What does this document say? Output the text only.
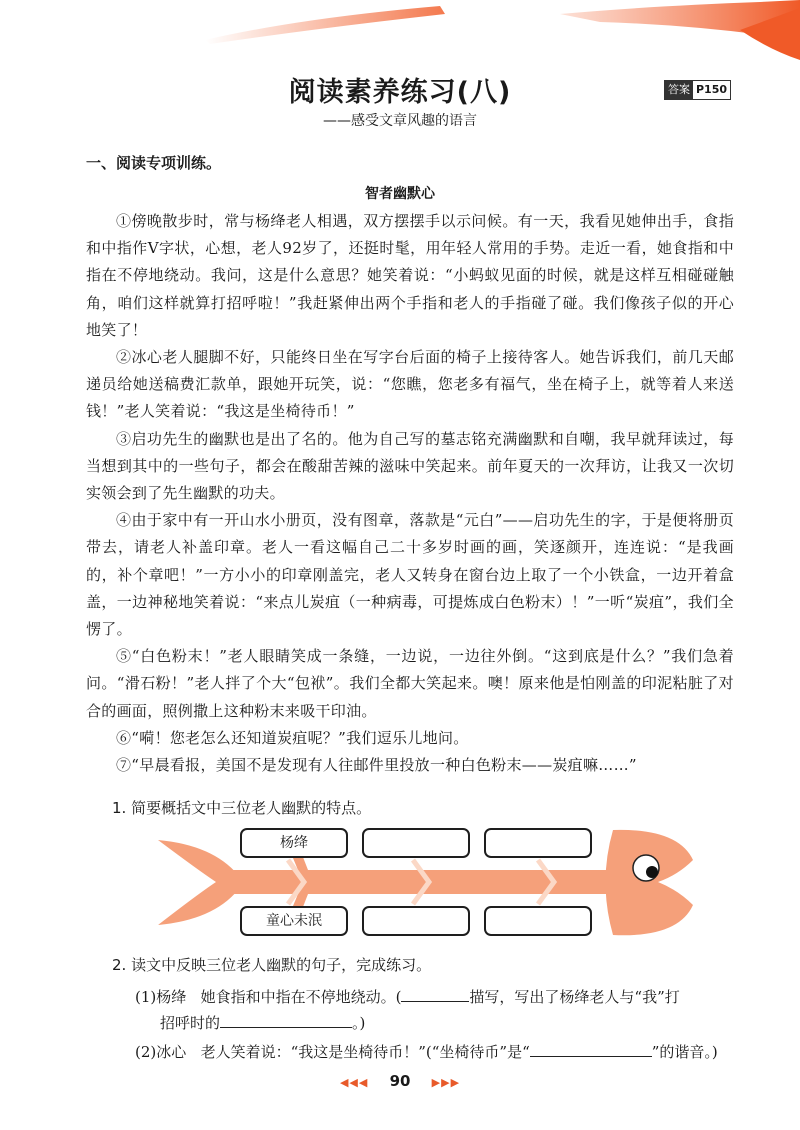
阅读素养练习(八)	答案 P150
——感受文章风趣的语言
一、阅读专项训练。
智者幽默心

①傍晚散步时，常与杨绛老人相遇，双方摆摆手以示问候。有一天，我看见她伸出手，食指和中指作V字状，心想，老人92岁了，还挺时髦，用年轻人常用的手势。走近一看，她食指和中指在不停地绕动。我问，这是什么意思？她笑着说：“小蚂蚁见面的时候，就是这样互相碰碰触角，咱们这样就算打招呼啦！”我赶紧伸出两个手指和老人的手指碰了碰。我们像孩子似的开心地笑了！

②冰心老人腿脚不好，只能终日坐在写字台后面的椅子上接待客人。她告诉我们，前几天邮递员给她送稿费汇款单，跟她开玩笑，说：“您瞧，您老多有福气，坐在椅子上，就等着人来送钱！”老人笑着说：“我这是坐椅待币！”

③启功先生的幽默也是出了名的。他为自己写的墓志铭充满幽默和自嘲，我早就拜读过，每当想到其中的一些句子，都会在酸甜苦辣的滋味中笑起来。前年夏天的一次拜访，让我又一次切实领会到了先生幽默的功夫。

④由于家中有一开山水小册页，没有图章，落款是“元白”——启功先生的字，于是便将册页带去，请老人补盖印章。老人一看这幅自己二十多岁时画的画，笑逐颜开，连连说：“是我画的，补个章吧！”一方小小的印章刚盖完，老人又转身在窗台边上取了一个小铁盒，一边开着盒盖，一边神秘地笑着说：“来点儿炭疽（一种病毒，可提炼成白色粉末）！”一听“炭疽”，我们全愣了。

⑤“白色粉末！”老人眼睛笑成一条缝，一边说，一边往外倒。“这到底是什么？”我们急着问。“滑石粉！”老人拌了个大“包袱”。我们全都大笑起来。噢！原来他是怕刚盖的印泥粘脏了对合的画面，照例撒上这种粉末来吸干印油。

⑥“嗬！您老怎么还知道炭疽呢？”我们逗乐儿地问。

⑦“早晨看报，美国不是发现有人往邮件里投放一种白色粉末——炭疽嘛……”

1. 简要概括文中三位老人幽默的特点。
杨绛
童心未泯
2. 读文中反映三位老人幽默的句子，完成练习。
(1)杨绛 她食指和中指在不停地绕动。(	描写，写出了杨绛老人与“我”打
招呼时的	。)
(2)冰心 老人笑着说：“我这是坐椅待币！”(“坐椅待币”是“	”的谐音。)
◀◀◀ 90 ▶▶▶
